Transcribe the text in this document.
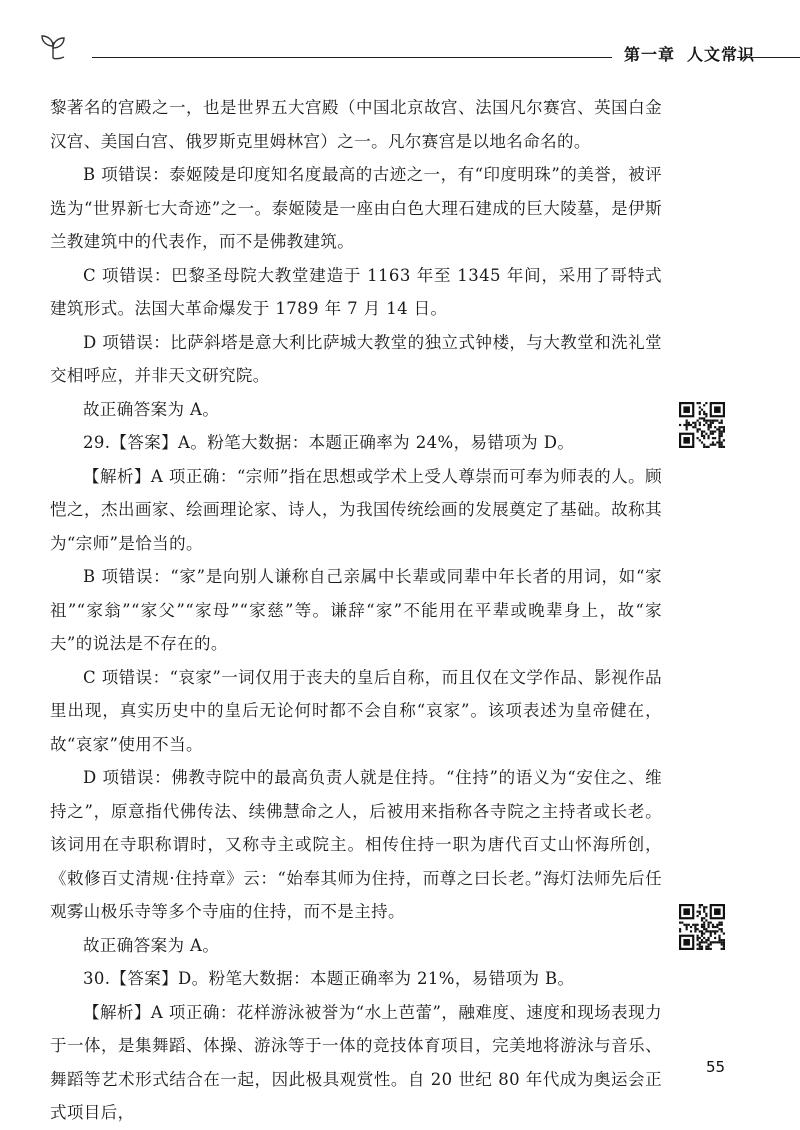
第一章 人文常识

黎著名的宫殿之一，也是世界五大宫殿（中国北京故宫、法国凡尔赛宫、英国白金汉宫、美国白宫、俄罗斯克里姆林宫）之一。凡尔赛宫是以地名命名的。

B 项错误：泰姬陵是印度知名度最高的古迹之一，有“印度明珠”的美誉，被评选为“世界新七大奇迹”之一。泰姬陵是一座由白色大理石建成的巨大陵墓，是伊斯兰教建筑中的代表作，而不是佛教建筑。

C 项错误：巴黎圣母院大教堂建造于 1163 年至 1345 年间，采用了哥特式建筑形式。法国大革命爆发于 1789 年 7 月 14 日。

D 项错误：比萨斜塔是意大利比萨城大教堂的独立式钟楼，与大教堂和洗礼堂交相呼应，并非天文研究院。

故正确答案为 A。

29.【答案】A。粉笔大数据：本题正确率为 24%，易错项为 D。

【解析】A 项正确：“宗师”指在思想或学术上受人尊崇而可奉为师表的人。顾恺之，杰出画家、绘画理论家、诗人，为我国传统绘画的发展奠定了基础。故称其为“宗师”是恰当的。

B 项错误：“家”是向别人谦称自己亲属中长辈或同辈中年长者的用词，如“家祖”“家翁”“家父”“家母”“家慈”等。谦辞“家”不能用在平辈或晚辈身上，故“家夫”的说法是不存在的。

C 项错误：“哀家”一词仅用于丧夫的皇后自称，而且仅在文学作品、影视作品里出现，真实历史中的皇后无论何时都不会自称“哀家”。该项表述为皇帝健在，故“哀家”使用不当。

D 项错误：佛教寺院中的最高负责人就是住持。“住持”的语义为“安住之、维持之”，原意指代佛传法、续佛慧命之人，后被用来指称各寺院之主持者或长老。该词用在寺职称谓时，又称寺主或院主。相传住持一职为唐代百丈山怀海所创，《敕修百丈清规·住持章》云：“始奉其师为住持，而尊之曰长老。”海灯法师先后任观雾山极乐寺等多个寺庙的住持，而不是主持。

故正确答案为 A。

30.【答案】D。粉笔大数据：本题正确率为 21%，易错项为 B。

【解析】A 项正确：花样游泳被誉为“水上芭蕾”，融难度、速度和现场表现力于一体，是集舞蹈、体操、游泳等于一体的竞技体育项目，完美地将游泳与音乐、舞蹈等艺术形式结合在一起，因此极具观赏性。自 20 世纪 80 年代成为奥运会正式项目后，

55
